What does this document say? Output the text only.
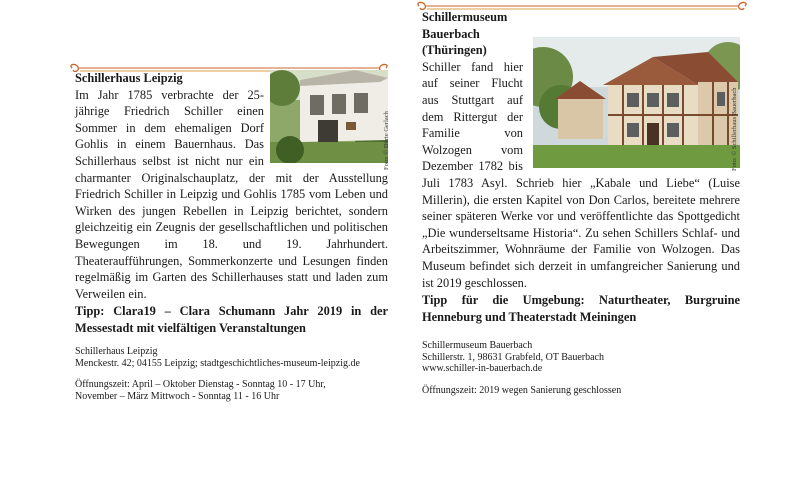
Foto: © Dörte Gerlach
Schillerhaus Leipzig
Im Jahr 1785 verbrachte der 25-jährige Friedrich Schiller einen Sommer in dem ehemaligen Dorf Gohlis in einem Bauernhaus. Das Schillerhaus selbst ist nicht nur ein charmanter Originalschauplatz, der mit der Ausstellung Friedrich Schiller in Leipzig und Gohlis 1785 vom Leben und Wirken des jungen Rebellen in Leipzig berichtet, sondern gleichzeitig ein Zeugnis der gesellschaftlichen und politischen Bewegungen im 18. und 19. Jahrhundert. Theateraufführungen, Sommerkonzerte und Lesungen finden regelmäßig im Garten des Schillerhauses statt und laden zum Verweilen ein.
Tipp: Clara19 – Clara Schumann Jahr 2019 in der Messestadt mit vielfältigen Veranstaltungen
Schillerhaus Leipzig
Menckestr. 42; 04155 Leipzig; stadtgeschichtliches-museum-leipzig.de
Öffnungszeit: April – Oktober Dienstag - Sonntag 10 - 17 Uhr,
November – März Mittwoch - Sonntag 11 - 16 Uhr
Foto: © Schillerhaus Bauerbach
Schillermuseum
Bauerbach
(Thüringen)
Schiller fand hier auf seiner Flucht aus Stuttgart auf dem Rittergut der Familie von Wolzogen vom Dezember 1782 bis Juli 1783 Asyl. Schrieb hier „Kabale und Liebe“ (Luise Millerin), die ersten Kapitel von Don Carlos, bereitete mehrere seiner späteren Werke vor und veröffentlichte das Spottgedicht „Die wunderseltsame Historia“. Zu sehen Schillers Schlaf- und Arbeitszimmer, Wohnräume der Familie von Wolzogen. Das Museum befindet sich derzeit in umfangreicher Sanierung und ist 2019 geschlossen.
Tipp für die Umgebung: Naturtheater, Burgruine Henneburg und Theaterstadt Meiningen
Schillermuseum Bauerbach
Schillerstr. 1, 98631 Grabfeld, OT Bauerbach
www.schiller-in-bauerbach.de
Öffnungszeit: 2019 wegen Sanierung geschlossen
